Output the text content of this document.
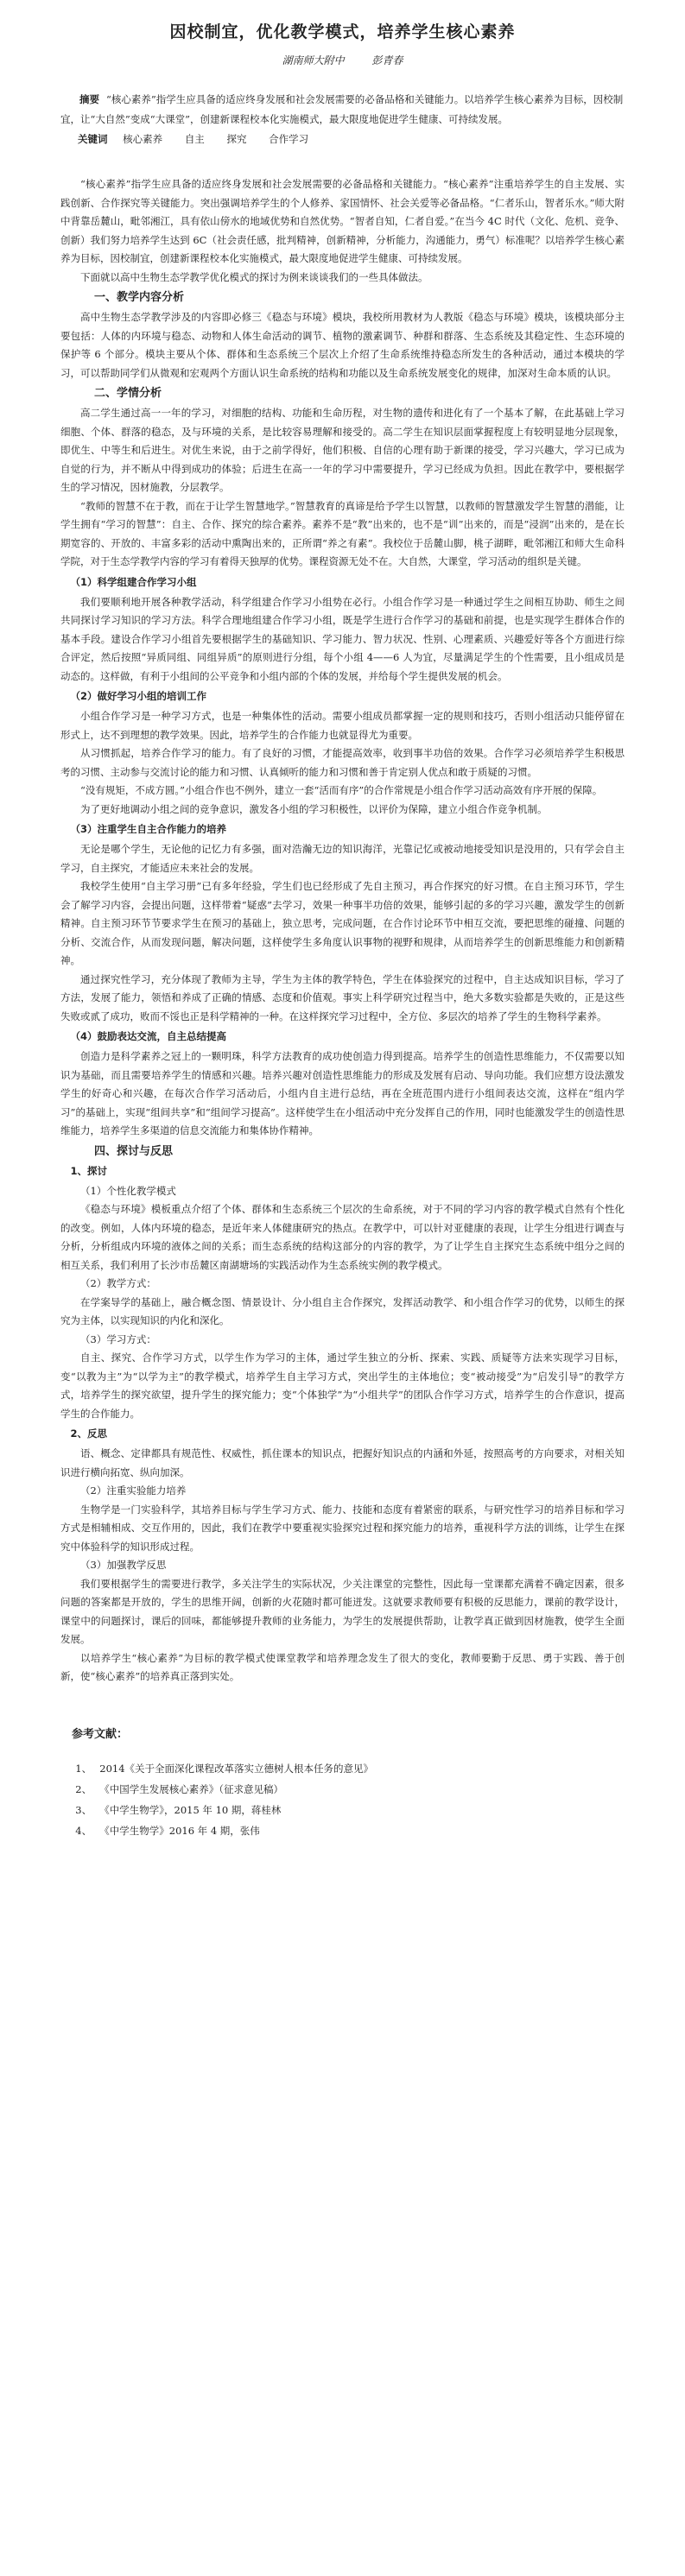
因校制宜，优化教学模式，培养学生核心素养
湖南师大附中	彭青春

摘要 “核心素养”指学生应具备的适应终身发展和社会发展需要的必备品格和关键能力。以培养学生核心素养为目标，因校制宜，让“大自然”变成“大课堂”，创建新课程校本化实施模式，最大限度地促进学生健康、可持续发展。

关键词 核心素养 自主 探究 合作学习

“核心素养”指学生应具备的适应终身发展和社会发展需要的必备品格和关键能力。“核心素养”注重培养学生的自主发展、实践创新、合作探究等关键能力。突出强调培养学生的个人修养、家国情怀、社会关爱等必备品格。“仁者乐山，智者乐水。”师大附中背靠岳麓山，毗邻湘江，具有依山傍水的地域优势和自然优势。“智者自知，仁者自爱。”在当今 4C 时代（文化、危机、竞争、创新）我们努力培养学生达到 6C（社会责任感，批判精神，创新精神，分析能力，沟通能力，勇气）标准呢？以培养学生核心素养为目标，因校制宜，创建新课程校本化实施模式，最大限度地促进学生健康、可持续发展。

下面就以高中生物生态学教学优化模式的探讨为例来谈谈我们的一些具体做法。

一、教学内容分析

高中生物生态学教学涉及的内容即必修三《稳态与环境》模块，我校所用教材为人教版《稳态与环境》模块，该模块部分主要包括：人体的内环境与稳态、动物和人体生命活动的调节、植物的激素调节、种群和群落、生态系统及其稳定性、生态环境的保护等 6 个部分。模块主要从个体、群体和生态系统三个层次上介绍了生命系统维持稳态所发生的各种活动，通过本模块的学习，可以帮助同学们从微观和宏观两个方面认识生命系统的结构和功能以及生命系统发展变化的规律，加深对生命本质的认识。

二、学情分析

高二学生通过高一一年的学习，对细胞的结构、功能和生命历程，对生物的遗传和进化有了一个基本了解，在此基础上学习细胞、个体、群落的稳态，及与环境的关系，是比较容易理解和接受的。高二学生在知识层面掌握程度上有较明显地分层现象，即优生、中等生和后进生。对优生来说，由于之前学得好，他们积极、自信的心理有助于新课的接受，学习兴趣大，学习已成为自觉的行为，并不断从中得到成功的体验；后进生在高一一年的学习中需要提升，学习已经成为负担。因此在教学中，要根据学生的学习情况，因材施教，分层教学。

“教师的智慧不在于教，而在于让学生智慧地学。”智慧教育的真谛是给予学生以智慧，以教师的智慧激发学生智慧的潜能，让学生拥有“学习的智慧”：自主、合作、探究的综合素养。素养不是“教”出来的，也不是“训”出来的，而是“浸润”出来的，是在长期宽容的、开放的、丰富多彩的活动中熏陶出来的，正所谓“养之有素”。我校位于岳麓山脚，桃子湖畔，毗邻湘江和师大生命科学院，对于生态学教学内容的学习有着得天独厚的优势。课程资源无处不在。大自然，大课堂，学习活动的组织是关键。

（1）科学组建合作学习小组

我们要顺利地开展各种教学活动，科学组建合作学习小组势在必行。小组合作学习是一种通过学生之间相互协助、师生之间共同探讨学习知识的学习方法。科学合理地组建合作学习小组，既是学生进行合作学习的基础和前提，也是实现学生群体合作的基本手段。建设合作学习小组首先要根据学生的基础知识、学习能力、智力状况、性别、心理素质、兴趣爱好等各个方面进行综合评定，然后按照“异质同组、同组异质”的原则进行分组，每个小组 4——6 人为宜，尽量满足学生的个性需要，且小组成员是动态的。这样做，有利于小组间的公平竞争和小组内部的个体的发展，并给每个学生提供发展的机会。

（2）做好学习小组的培训工作

小组合作学习是一种学习方式，也是一种集体性的活动。需要小组成员都掌握一定的规则和技巧，否则小组活动只能停留在形式上，达不到理想的教学效果。因此，培养学生的合作能力也就显得尤为重要。

从习惯抓起，培养合作学习的能力。有了良好的习惯，才能提高效率，收到事半功倍的效果。合作学习必须培养学生积极思考的习惯、主动参与交流讨论的能力和习惯、认真倾听的能力和习惯和善于肯定别人优点和敢于质疑的习惯。

“没有规矩，不成方圆。”小组合作也不例外，建立一套“活而有序”的合作常规是小组合作学习活动高效有序开展的保障。

为了更好地调动小组之间的竞争意识，激发各小组的学习积极性，以评价为保障，建立小组合作竞争机制。

（3）注重学生自主合作能力的培养

无论是哪个学生，无论他的记忆力有多强，面对浩瀚无边的知识海洋，光靠记忆或被动地接受知识是没用的，只有学会自主学习，自主探究，才能适应未来社会的发展。

我校学生使用“自主学习册”已有多年经验，学生们也已经形成了先自主预习，再合作探究的好习惯。在自主预习环节，学生会了解学习内容，会提出问题，这样带着“疑惑”去学习，效果一种事半功倍的效果，能够引起的多的学习兴趣，激发学生的创新精神。自主预习环节节要求学生在预习的基础上，独立思考，完成问题，在合作讨论环节中相互交流，要把思维的碰撞、问题的分析、交流合作，从而发现问题，解决问题，这样使学生多角度认识事物的视野和规律，从而培养学生的创新思维能力和创新精神。

通过探究性学习，充分体现了教师为主导，学生为主体的教学特色，学生在体验探究的过程中，自主达成知识目标，学习了方法，发展了能力，领悟和养成了正确的情感、态度和价值观。事实上科学研究过程当中，绝大多数实验都是失败的，正是这些失败或贰了成功，败而不馁也正是科学精神的一种。在这样探究学习过程中，全方位、多层次的培养了学生的生物科学素养。

（4）鼓励表达交流，自主总结提高

创造力是科学素养之冠上的一颗明珠，科学方法教育的成功使创造力得到提高。培养学生的创造性思维能力，不仅需要以知识为基础，而且需要培养学生的情感和兴趣。培养兴趣对创造性思维能力的形成及发展有启动、导向功能。我们应想方设法激发学生的好奇心和兴趣，在每次合作学习活动后，小组内自主进行总结，再在全班范围内进行小组间表达交流，这样在“组内学习”的基础上，实现“组间共享”和“组间学习提高”。这样使学生在小组活动中充分发挥自己的作用，同时也能激发学生的创造性思维能力，培养学生多渠道的信息交流能力和集体协作精神。

四、探讨与反思
1、探讨
（1）个性化教学模式

《稳态与环境》模板重点介绍了个体、群体和生态系统三个层次的生命系统，对于不同的学习内容的教学模式自然有个性化的改变。例如，人体内环境的稳态，是近年来人体健康研究的热点。在教学中，可以针对亚健康的表现，让学生分组进行调查与分析，分析组成内环境的液体之间的关系；而生态系统的结构这部分的内容的教学，为了让学生自主探究生态系统中组分之间的相互关系，我们利用了长沙市岳麓区南湖塘场的实践活动作为生态系统实例的教学模式。

（2）教学方式：

在学案导学的基础上，融合概念图、情景设计、分小组自主合作探究，发挥活动教学、和小组合作学习的优势，以师生的探究为主体，以实现知识的内化和深化。

（3）学习方式：

自主、探究、合作学习方式，以学生作为学习的主体，通过学生独立的分析、探索、实践、质疑等方法来实现学习目标，变“以教为主”为“以学为主”的教学模式，培养学生自主学习方式，突出学生的主体地位；变“被动接受”为“启发引导”的教学方式，培养学生的探究欲望，提升学生的探究能力；变“个体独学”为“小组共学”的团队合作学习方式，培养学生的合作意识，提高学生的合作能力。

2、反思

语、概念、定律都具有规范性、权威性，抓住课本的知识点，把握好知识点的内涵和外延，按照高考的方向要求，对相关知识进行横向拓宽、纵向加深。

（2）注重实验能力培养

生物学是一门实验科学，其培养目标与学生学习方式、能力、技能和态度有着紧密的联系，与研究性学习的培养目标和学习方式是相辅相成、交互作用的，因此，我们在教学中要重视实验探究过程和探究能力的培养，重视科学方法的训练，让学生在探究中体验科学的知识形成过程。

（3）加强教学反思

我们要根据学生的需要进行教学，多关注学生的实际状况，少关注课堂的完整性，因此每一堂课都充满着不确定因素，很多问题的答案都是开放的，学生的思维开阔，创新的火花随时都可能迸发。这就要求教师要有积极的反思能力，课前的教学设计，课堂中的问题探讨，课后的回味，都能够提升教师的业务能力，为学生的发展提供帮助，让教学真正做到因材施教，使学生全面发展。

以培养学生“核心素养”为目标的教学模式使课堂教学和培养理念发生了很大的变化，教师要勤于反思、勇于实践、善于创新，使“核心素养”的培养真正落到实处。

参考文献：
1、 2014《关于全面深化课程改革落实立德树人根本任务的意见》
2、 《中国学生发展核心素养》（征求意见稿）
3、 《中学生物学》，2015 年 10 期，蒋桂林
4、 《中学生物学》2016 年 4 期，张伟
